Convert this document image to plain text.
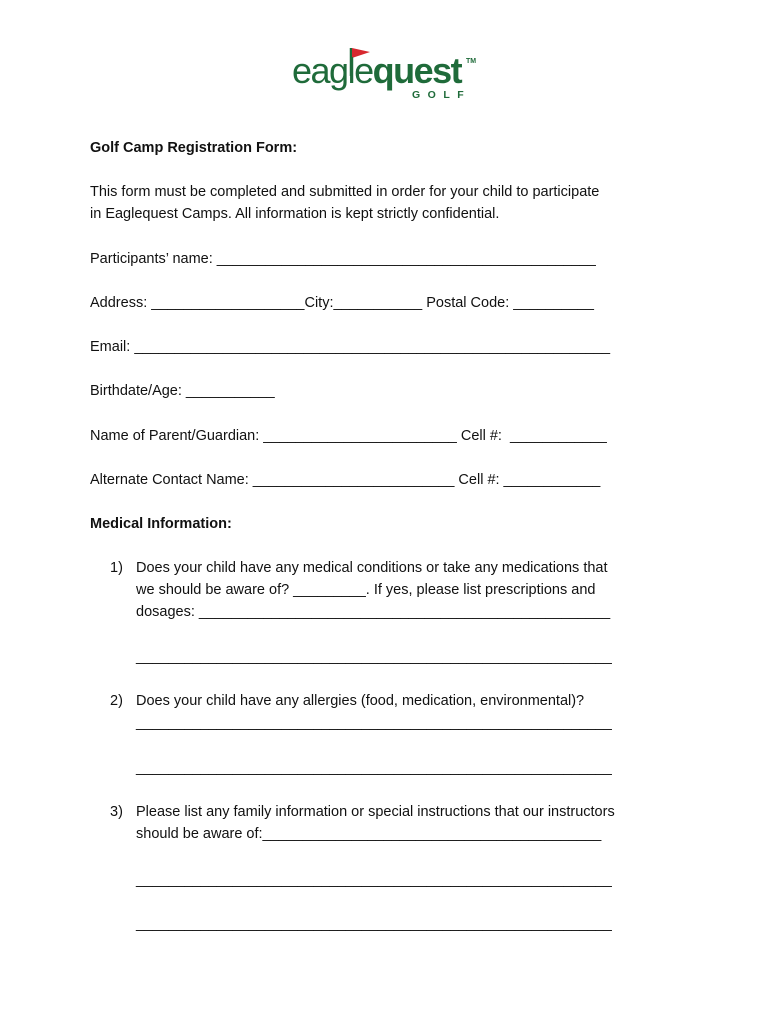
eaglequest TM
GOLF
Golf Camp Registration Form:
This form must be completed and submitted in order for your child to participate
in Eaglequest Camps. All information is kept strictly confidential.
Participants’ name: _______________________________________________
Address: ___________________City:___________ Postal Code: __________
Email: ___________________________________________________________
Birthdate/Age: ___________
Name of Parent/Guardian: ________________________ Cell #:  ____________
Alternate Contact Name: _________________________ Cell #: ____________
Medical Information:
1) Does your child have any medical conditions or take any medications that
we should be aware of? _________. If yes, please list prescriptions and
dosages: ___________________________________________________
___________________________________________________________
2) Does your child have any allergies (food, medication, environmental)?
___________________________________________________________
___________________________________________________________
3) Please list any family information or special instructions that our instructors
should be aware of:__________________________________________
___________________________________________________________
___________________________________________________________
